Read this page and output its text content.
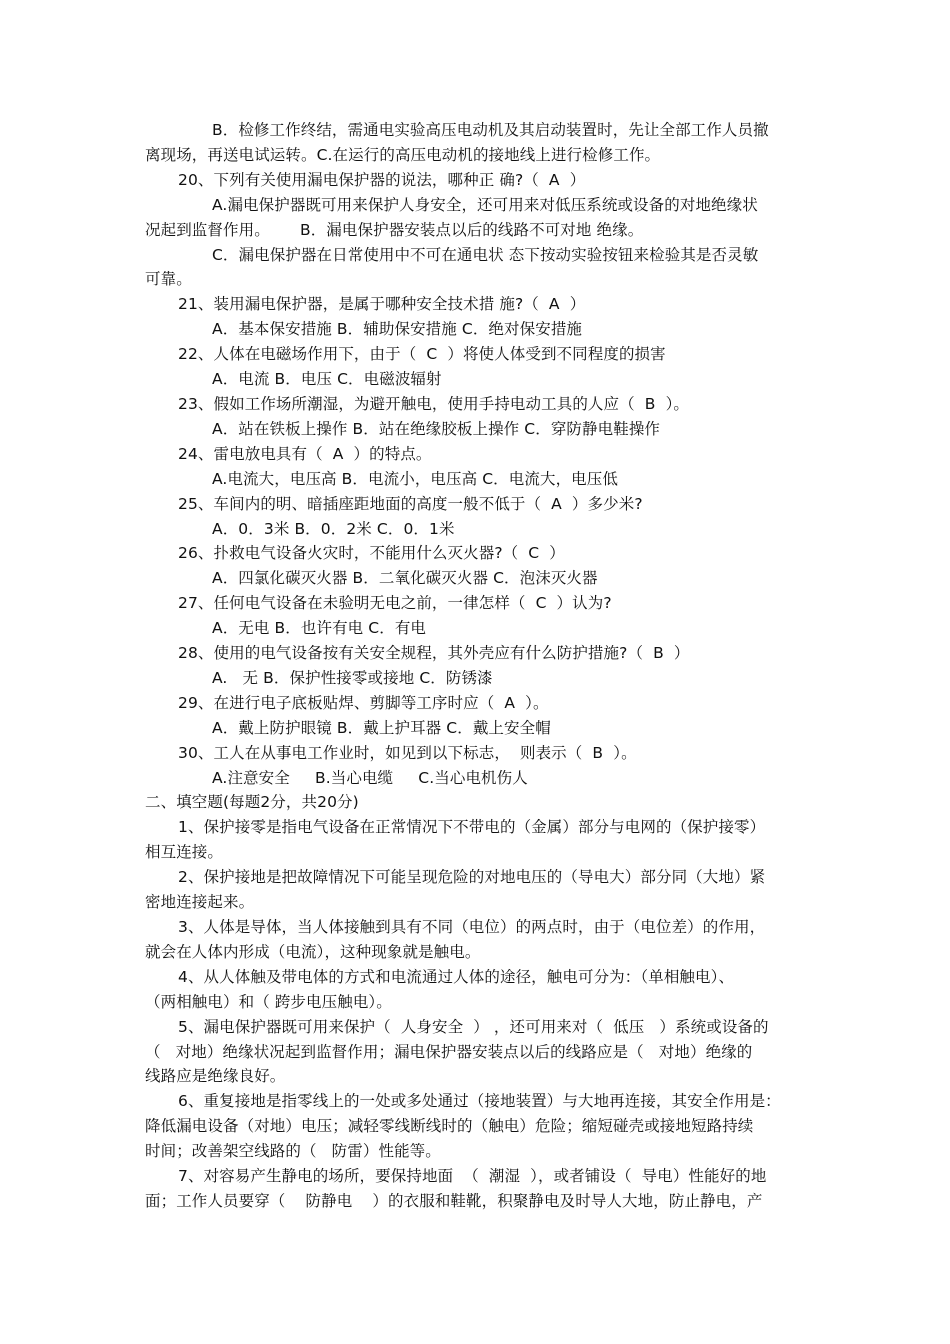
B．检修工作终结，需通电实验高压电动机及其启动装置时，先让全部工作人员撤

离现场，再送电试运转。C.在运行的高压电动机的接地线上进行检修工作。

20、下列有关使用漏电保护器的说法，哪种正 确?（  A  ）

A.漏电保护器既可用来保护人身安全，还可用来对低压系统或设备的对地绝缘状

况起到监督作用。      B．漏电保护器安装点以后的线路不可对地 绝缘。

C．漏电保护器在日常使用中不可在通电状 态下按动实验按钮来检验其是否灵敏

可靠。

21、装用漏电保护器，是属于哪种安全技术措 施?（  A  ）

A．基本保安措施 B．辅助保安措施 C．绝对保安措施

22、人体在电磁场作用下，由于（  C  ）将使人体受到不同程度的损害

A．电流 B．电压 C．电磁波辐射

23、假如工作场所潮湿，为避开触电，使用手持电动工具的人应（  B  ）。

A．站在铁板上操作 B．站在绝缘胶板上操作 C．穿防静电鞋操作

24、雷电放电具有（  A  ）的特点。

A.电流大，电压高 B．电流小，电压高 C．电流大，电压低

25、车间内的明、暗插座距地面的高度一般不低于（  A  ）多少米?

A．0．3米 B．0．2米 C．0．1米

26、扑救电气设备火灾时，不能用什么灭火器?（  C  ）

A．四氯化碳灭火器 B．二氧化碳灭火器 C．泡沫灭火器

27、任何电气设备在未验明无电之前，一律怎样（  C  ）认为?

A．无电 B．也许有电 C．有电

28、使用的电气设备按有关安全规程，其外壳应有什么防护措施?（  B  ）

A.   无 B．保护性接零或接地 C．防锈漆

29、在进行电子底板贴焊、剪脚等工序时应（  A  ）。

A．戴上防护眼镜 B．戴上护耳器 C．戴上安全帽

30、工人在从事电工作业时，如见到以下标志，  则表示（  B  ）。

A.注意安全     B.当心电缆     C.当心电机伤人

二、填空题(每题2分，共20分)

1、保护接零是指电气设备在正常情况下不带电的（金属）部分与电网的（保护接零）

相互连接。

2、保护接地是把故障情况下可能呈现危险的对地电压的（导电大）部分同（大地）紧

密地连接起来。

3、人体是导体，当人体接触到具有不同（电位）的两点时，由于（电位差）的作用，

就会在人体内形成（电流），这种现象就是触电。

4、从人体触及带电体的方式和电流通过人体的途径，触电可分为：（单相触电）、

（两相触电）和（ 跨步电压触电）。

5、漏电保护器既可用来保护（  人身安全  ） ，还可用来对（  低压   ）系统或设备的

（   对地）绝缘状况起到监督作用；漏电保护器安装点以后的线路应是（   对地）绝缘的

线路应是绝缘良好。

6、重复接地是指零线上的一处或多处通过（接地装置）与大地再连接，其安全作用是：

降低漏电设备（对地）电压；减轻零线断线时的（触电）危险；缩短碰壳或接地短路持续

时间；改善架空线路的（   防雷）性能等。

7、对容易产生静电的场所，要保持地面  （  潮湿  ），或者铺设（  导电）性能好的地

面；工作人员要穿（    防静电    ）的衣服和鞋靴，积聚静电及时导人大地，防止静电，产
